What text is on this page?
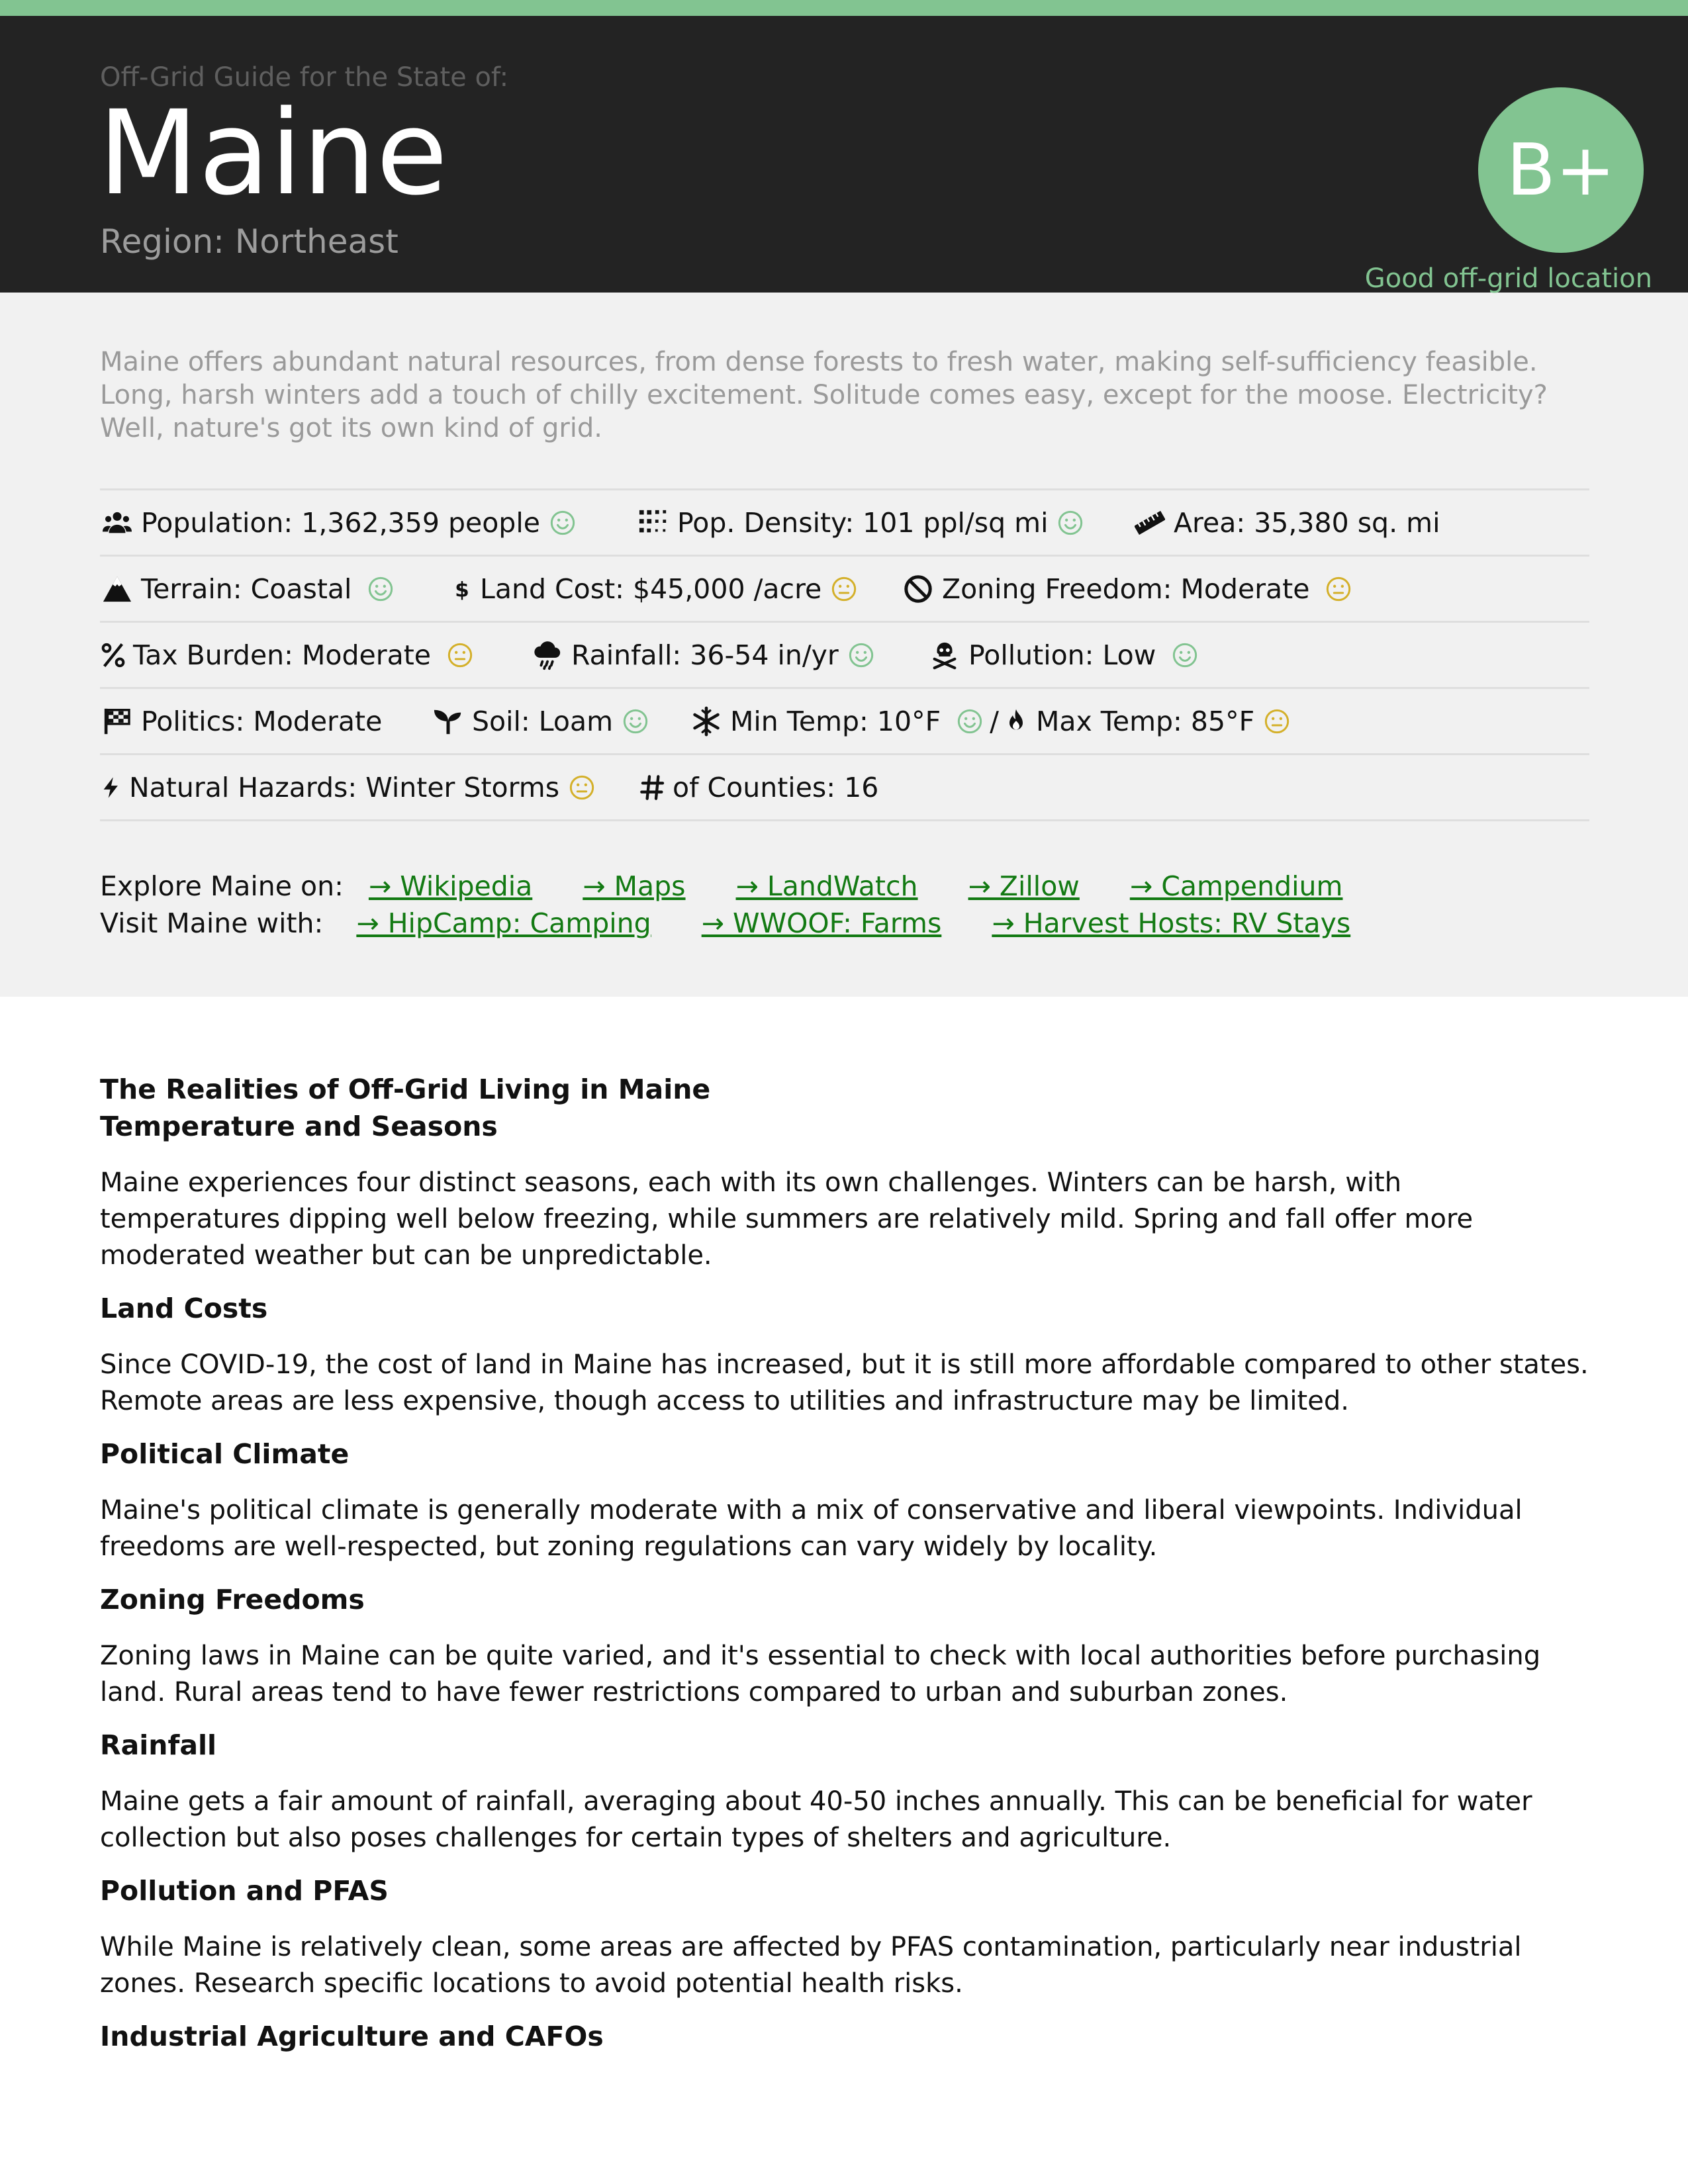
Off-Grid Guide for the State of:
Maine
Region: Northeast
B+
Good off-grid location

Maine offers abundant natural resources, from dense forests to fresh water, making self-sufficiency feasible. Long, harsh winters add a touch of chilly excitement. Solitude comes easy, except for the moose. Electricity? Well, nature's got its own kind of grid.

Population: 1,362,359 people	Pop. Density: 101 ppl/sq mi	Area: 35,380 sq. mi
Terrain: Coastal	$ Land Cost: $45,000 /acre	Zoning Freedom: Moderate
Tax Burden: Moderate	Rainfall: 36-54 in/yr	Pollution: Low
Politics: Moderate	Soil: Loam	Min Temp: 10°F / Max Temp: 85°F
Natural Hazards: Winter Storms	of Counties: 16
Explore Maine on: → Wikipedia → Maps → LandWatch → Zillow → Campendium
Visit Maine with: → HipCamp: Camping → WWOOF: Farms → Harvest Hosts: RV Stays
The Realities of Off-Grid Living in Maine
Temperature and Seasons

Maine experiences four distinct seasons, each with its own challenges. Winters can be harsh, with temperatures dipping well below freezing, while summers are relatively mild. Spring and fall offer more moderated weather but can be unpredictable.

Land Costs

Since COVID-19, the cost of land in Maine has increased, but it is still more affordable compared to other states. Remote areas are less expensive, though access to utilities and infrastructure may be limited.

Political Climate

Maine's political climate is generally moderate with a mix of conservative and liberal viewpoints. Individual freedoms are well-respected, but zoning regulations can vary widely by locality.

Zoning Freedoms

Zoning laws in Maine can be quite varied, and it's essential to check with local authorities before purchasing land. Rural areas tend to have fewer restrictions compared to urban and suburban zones.

Rainfall

Maine gets a fair amount of rainfall, averaging about 40-50 inches annually. This can be beneficial for water collection but also poses challenges for certain types of shelters and agriculture.

Pollution and PFAS

While Maine is relatively clean, some areas are affected by PFAS contamination, particularly near industrial zones. Research specific locations to avoid potential health risks.

Industrial Agriculture and CAFOs
